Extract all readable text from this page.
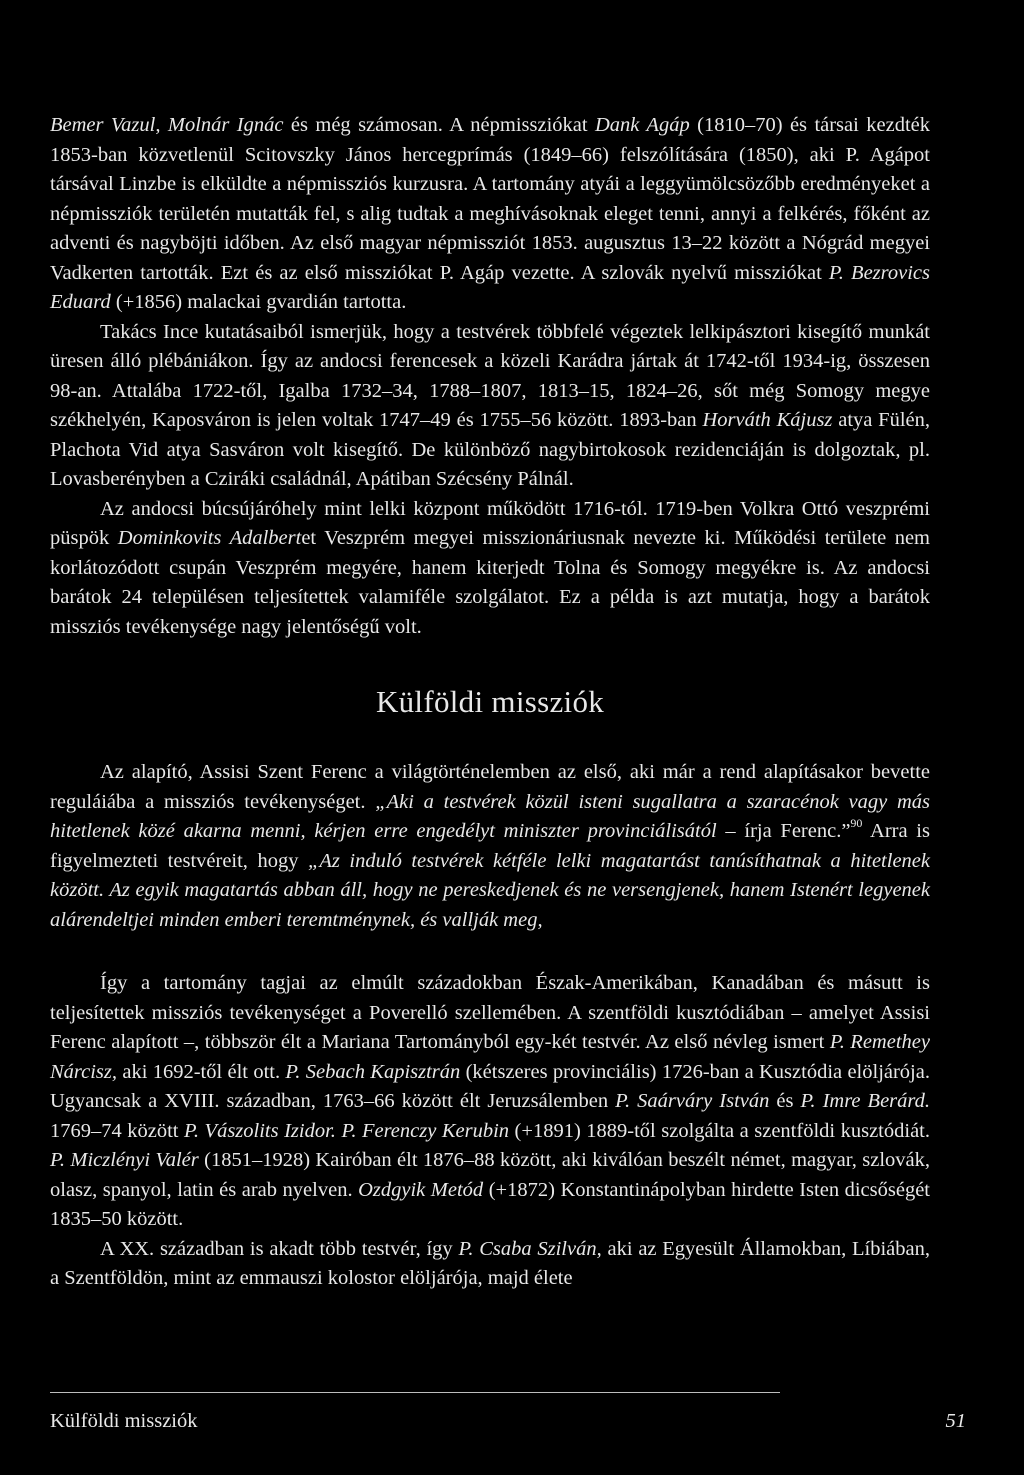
Bemer Vazul, Molnár Ignác és még számosan. A népmissziókat Dank Agáp (1810–70) és társai kezdték 1853-ban közvetlenül Scitovszky János hercegprímás (1849–66) felszólítására (1850), aki P. Agápot társával Linzbe is elküldte a népmissziós kurzusra. A tartomány atyái a leggyümölcsözőbb eredményeket a népmissziók területén mutatták fel, s alig tudtak a meghívásoknak eleget tenni, annyi a felkérés, főként az adventi és nagyböjti időben. Az első magyar népmissziót 1853. augusztus 13–22 között a Nógrád megyei Vadkerten tartották. Ezt és az első missziókat P. Agáp vezette. A szlovák nyelvű missziókat P. Bezrovics Eduard (+1856) malackai gvardián tartotta.

Takács Ince kutatásaiból ismerjük, hogy a testvérek többfelé végeztek lelkipásztori kisegítő munkát üresen álló plébániákon. Így az andocsi ferencesek a közeli Karádra jártak át 1742-től 1934-ig, összesen 98-an. Attalába 1722-től, Igalba 1732–34, 1788–1807, 1813–15, 1824–26, sőt még Somogy megye székhelyén, Kaposváron is jelen voltak 1747–49 és 1755–56 között. 1893-ban Horváth Kájusz atya Fülén, Plachota Vid atya Sasváron volt kisegítő. De különböző nagybirtokosok rezidenciáján is dolgoztak, pl. Lovasberényben a Cziráki családnál, Apátiban Szécsény Pálnál.

Az andocsi búcsújáróhely mint lelki központ működött 1716-tól. 1719-ben Volkra Ottó veszprémi püspök Dominkovits Adalbertet Veszprém megyei misszionáriusnak nevezte ki. Működési területe nem korlátozódott csupán Veszprém megyére, hanem kiterjedt Tolna és Somogy megyékre is. Az andocsi barátok 24 településen teljesítettek valamiféle szolgálatot. Ez a példa is azt mutatja, hogy a barátok missziós tevékenysége nagy jelentőségű volt.

Külföldi missziók

Az alapító, Assisi Szent Ferenc a világtörténelemben az első, aki már a rend alapításakor bevette reguláiába a missziós tevékenységet. „Aki a testvérek közül isteni sugallatra a szaracénok vagy más hitetlenek közé akarna menni, kérjen erre engedélyt miniszter provinciálisától – írja Ferenc.”$^{90}$ Arra is figyelmezteti testvéreit, hogy „Az induló testvérek kétféle lelki magatartást tanúsíthatnak a hitetlenek között. Az egyik magatartás abban áll, hogy ne pereskedjenek és ne versengjenek, hanem Istenért legyenek alárendeltjei minden emberi teremtménynek, és vallják meg,

Így a tartomány tagjai az elmúlt századokban Észak-Amerikában, Kanadában és másutt is teljesítettek missziós tevékenységet a Poverelló szellemében. A szentföldi kusztódiában – amelyet Assisi Ferenc alapított –, többször élt a Mariana Tartományból egy-két testvér. Az első névleg ismert P. Remethey Nárcisz, aki 1692-től élt ott. P. Sebach Kapisztrán (kétszeres provinciális) 1726-ban a Kusztódia elöljárója. Ugyancsak a XVIII. században, 1763–66 között élt Jeruzsálemben P. Saárváry István és P. Imre Berárd. 1769–74 között P. Vászolits Izidor. P. Ferenczy Kerubin (+1891) 1889-től szolgálta a szentföldi kusztódiát. P. Miczlényi Valér (1851–1928) Kairóban élt 1876–88 között, aki kiválóan beszélt német, magyar, szlovák, olasz, spanyol, latin és arab nyelven. Ozdgyik Metód (+1872) Konstantinápolyban hirdette Isten dicsőségét 1835–50 között.

A XX. században is akadt több testvér, így P. Csaba Szilván, aki az Egyesült Államokban, Líbiában, a Szentföldön, mint az emmauszi kolostor elöljárója, majd élete

Külföldi missziók	51
